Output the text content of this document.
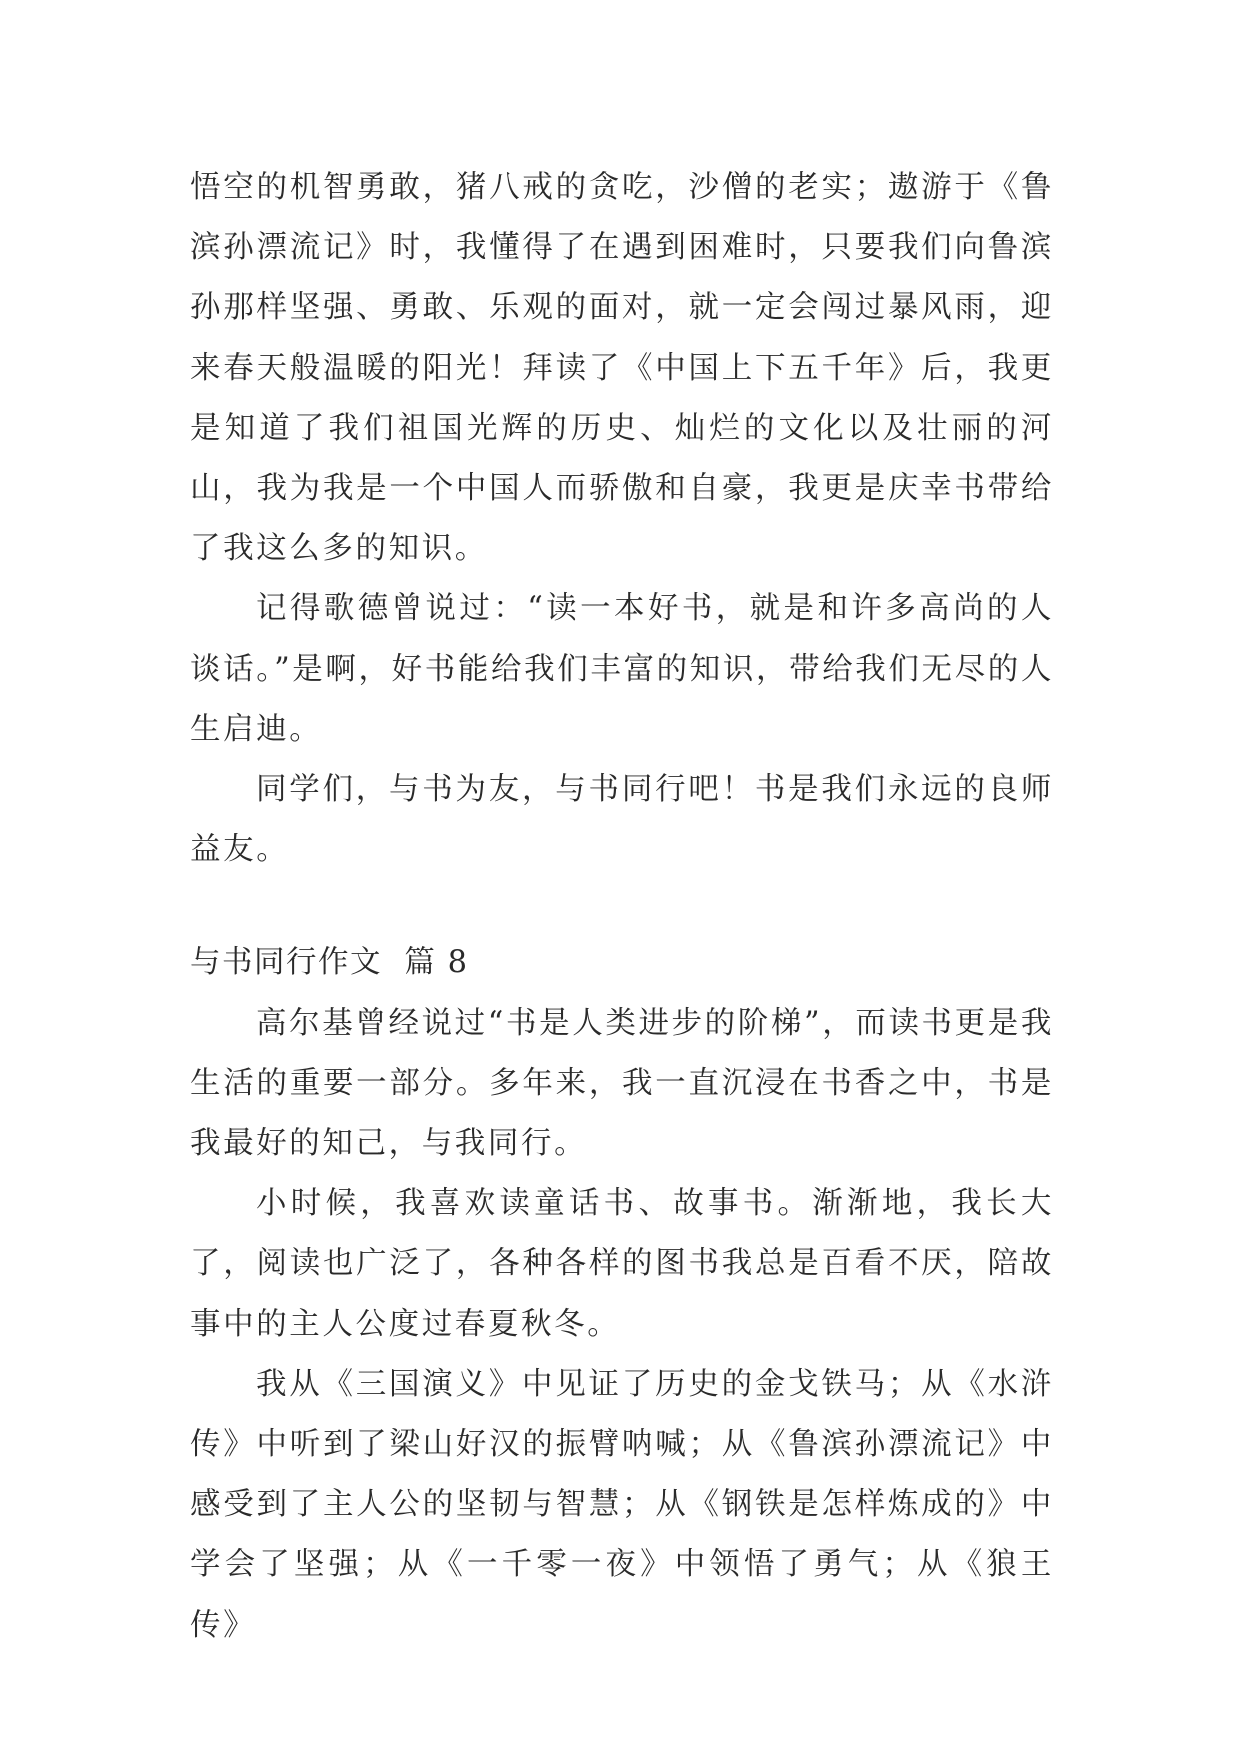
悟空的机智勇敢，猪八戒的贪吃，沙僧的老实；遨游于《鲁滨孙漂流记》时，我懂得了在遇到困难时，只要我们向鲁滨孙那样坚强、勇敢、乐观的面对，就一定会闯过暴风雨，迎来春天般温暖的阳光！拜读了《中国上下五千年》后，我更是知道了我们祖国光辉的历史、灿烂的文化以及壮丽的河山，我为我是一个中国人而骄傲和自豪，我更是庆幸书带给了我这么多的知识。

记得歌德曾说过：“读一本好书，就是和许多高尚的人谈话。”是啊，好书能给我们丰富的知识，带给我们无尽的人生启迪。

同学们，与书为友，与书同行吧！书是我们永远的良师益友。

与书同行作文  篇 8

高尔基曾经说过“书是人类进步的阶梯”，而读书更是我生活的重要一部分。多年来，我一直沉浸在书香之中，书是我最好的知己，与我同行。

小时候，我喜欢读童话书、故事书。渐渐地，我长大了，阅读也广泛了，各种各样的图书我总是百看不厌，陪故事中的主人公度过春夏秋冬。

我从《三国演义》中见证了历史的金戈铁马；从《水浒传》中听到了梁山好汉的振臂呐喊；从《鲁滨孙漂流记》中感受到了主人公的坚韧与智慧；从《钢铁是怎样炼成的》中学会了坚强；从《一千零一夜》中领悟了勇气；从《狼王传》
